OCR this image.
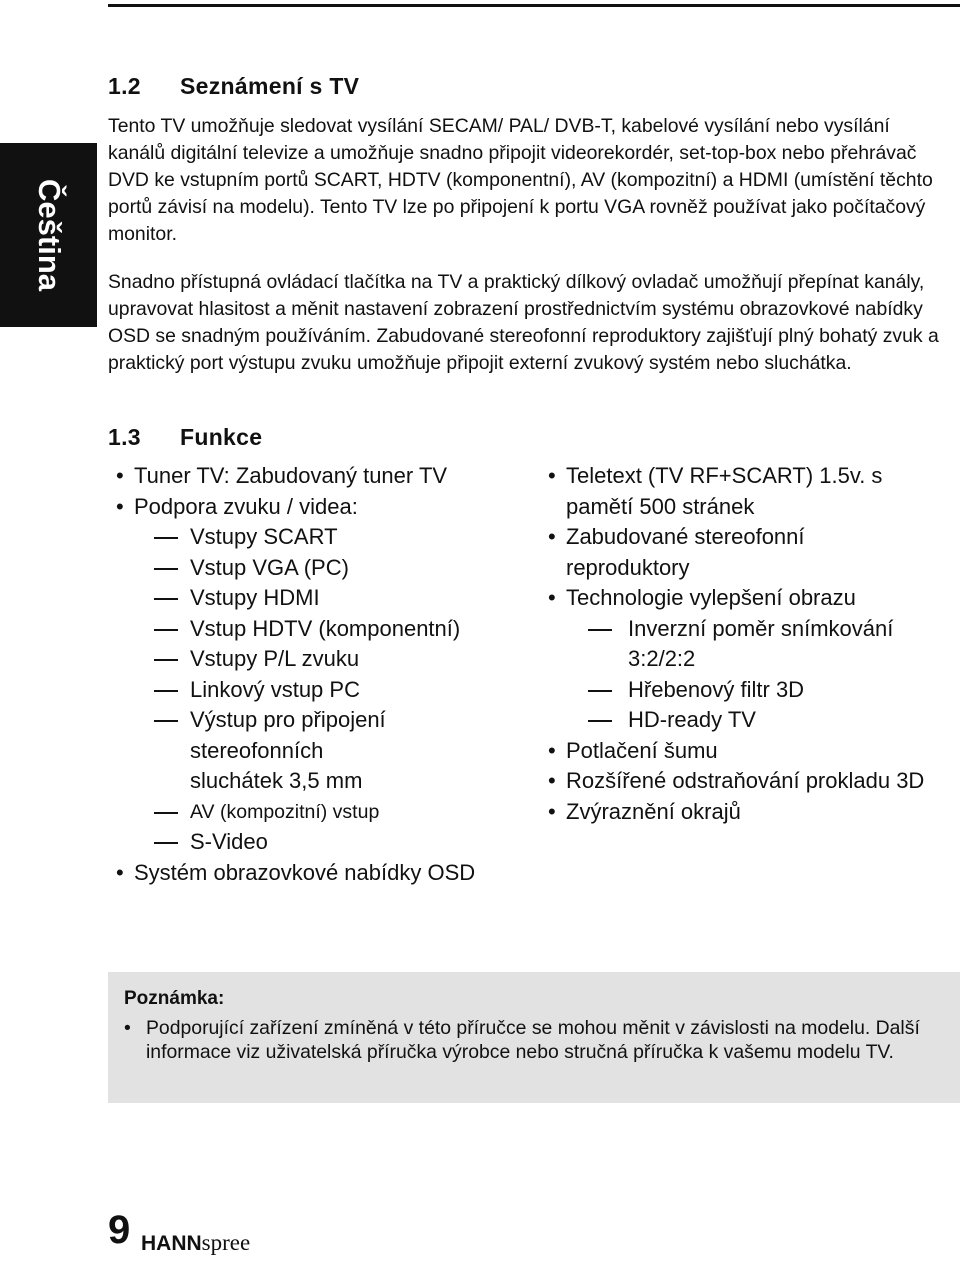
Čeština
1.2 Seznámení s TV

Tento TV umožňuje sledovat vysílání SECAM/ PAL/ DVB-T, kabelové vysílání nebo vysílání kanálů digitální televize a umožňuje snadno připojit videorekordér, set-top-box nebo přehrávač DVD ke vstupním portů SCART, HDTV (komponentní), AV (kompozitní) a HDMI (umístění těchto portů závisí na modelu). Tento TV lze po připojení k portu VGA rovněž používat jako počítačový monitor.

Snadno přístupná ovládací tlačítka na TV a praktický dílkový ovladač umožňují přepínat kanály, upravovat hlasitost a měnit nastavení zobrazení prostřednictvím systému obrazovkové nabídky OSD se snadným používáním. Zabudované stereofonní reproduktory zajišťují plný bohatý zvuk a praktický port výstupu zvuku umožňuje připojit externí zvukový systém nebo sluchátka.

1.3 Funkce
• Tuner TV: Zabudovaný tuner TV
• Podpora zvuku / videa:
Vstupy SCART
Vstup VGA (PC)
Vstupy HDMI
Vstup HDTV (komponentní)
Vstupy P/L zvuku
Linkový vstup PC
Výstup pro připojení stereofonních sluchátek 3,5 mm
AV (kompozitní) vstup
S-Video
• Systém obrazovkové nabídky OSD
• Teletext (TV RF+SCART) 1.5v. s pamětí 500 stránek
• Zabudované stereofonní reproduktory
• Technologie vylepšení obrazu
Inverzní poměr snímkování 3:2/2:2
Hřebenový filtr 3D
HD-ready TV
• Potlačení šumu
• Rozšířené odstraňování prokladu 3D
• Zvýraznění okrajů

Poznámka:

• Podporující zařízení zmíněná v této příručce se mohou měnit v závislosti na modelu. Další informace viz uživatelská příručka výrobce nebo stručná příručka k vašemu modelu TV.
9 HANNspree
